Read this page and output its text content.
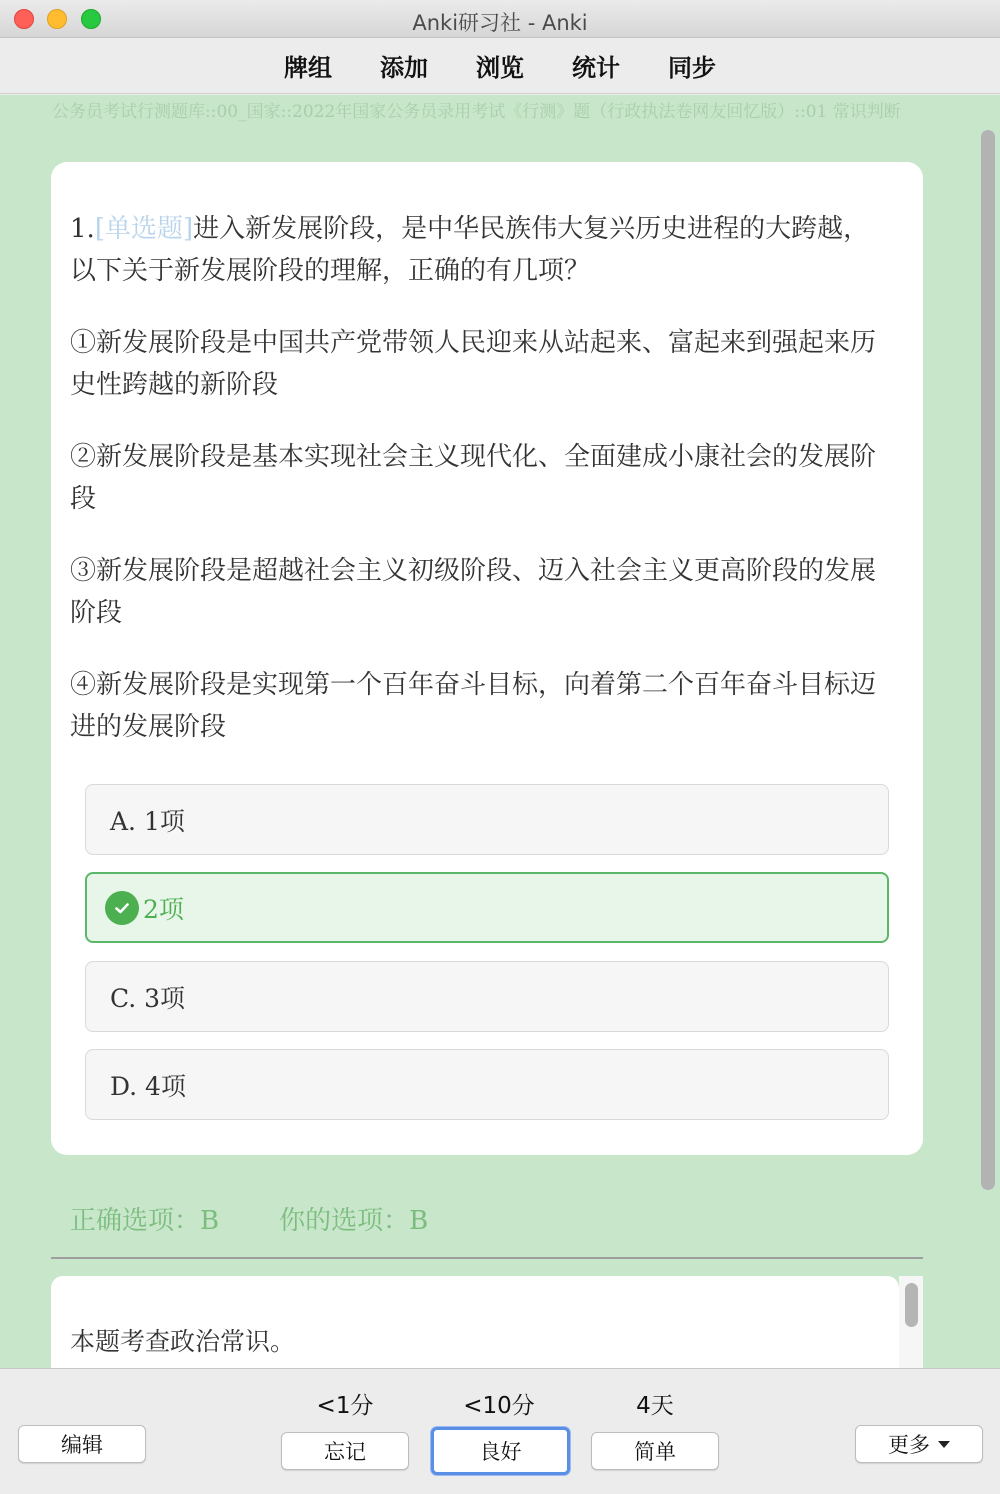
Anki研习社 - Anki
牌组 添加 浏览 统计 同步
公务员考试行测题库::00_国家::2022年国家公务员录用考试《行测》题（行政执法卷网友回忆版）::01 常识判断
1.[单选题]进入新发展阶段，是中华民族伟大复兴历史进程的大跨越，以下关于新发展阶段的理解，正确的有几项？
①新发展阶段是中国共产党带领人民迎来从站起来、富起来到强起来历史性跨越的新阶段
②新发展阶段是基本实现社会主义现代化、全面建成小康社会的发展阶段
③新发展阶段是超越社会主义初级阶段、迈入社会主义更高阶段的发展阶段
④新发展阶段是实现第一个百年奋斗目标，向着第二个百年奋斗目标迈进的发展阶段
A. 1项
2项
C. 3项
D. 4项
正确选项：B 你的选项：B
本题考查政治常识。
编辑
<1分	<10分	4天
忘记	良好	简单	更多
